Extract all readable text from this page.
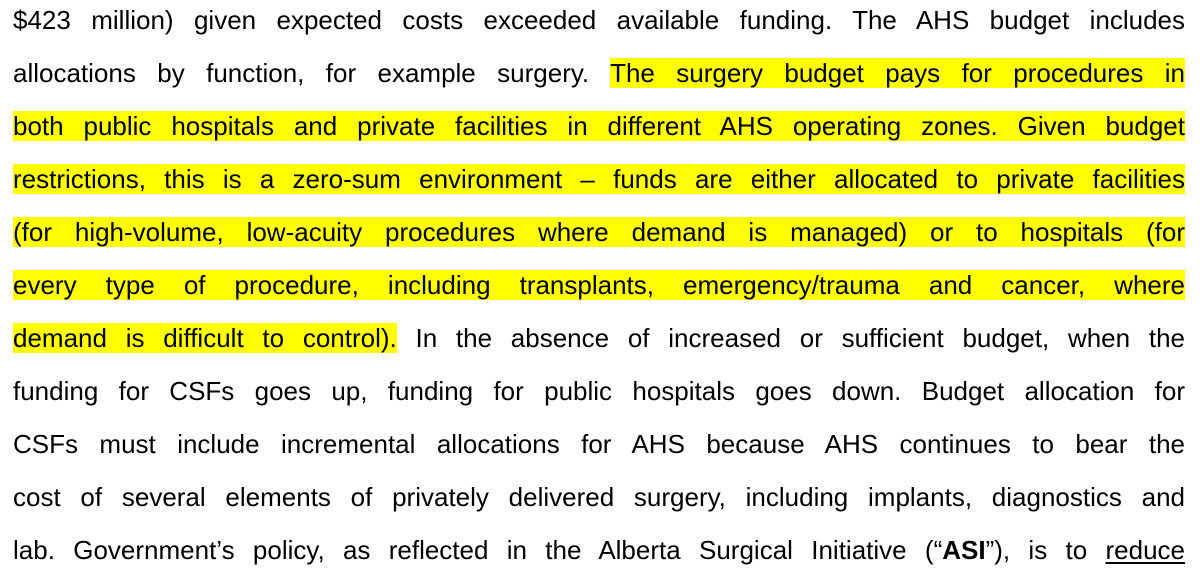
$423 million) given expected costs exceeded available funding. The AHS budget includes
allocations by function, for example surgery. The surgery budget pays for procedures in
both public hospitals and private facilities in different AHS operating zones. Given budget
restrictions, this is a zero-sum environment – funds are either allocated to private facilities
(for high-volume, low-acuity procedures where demand is managed) or to hospitals (for
every type of procedure, including transplants, emergency/trauma and cancer, where
demand is difficult to control). In the absence of increased or sufficient budget, when the
funding for CSFs goes up, funding for public hospitals goes down. Budget allocation for
CSFs must include incremental allocations for AHS because AHS continues to bear the
cost of several elements of privately delivered surgery, including implants, diagnostics and
lab. Government’s policy, as reflected in the Alberta Surgical Initiative (“ASI”), is to reduce
